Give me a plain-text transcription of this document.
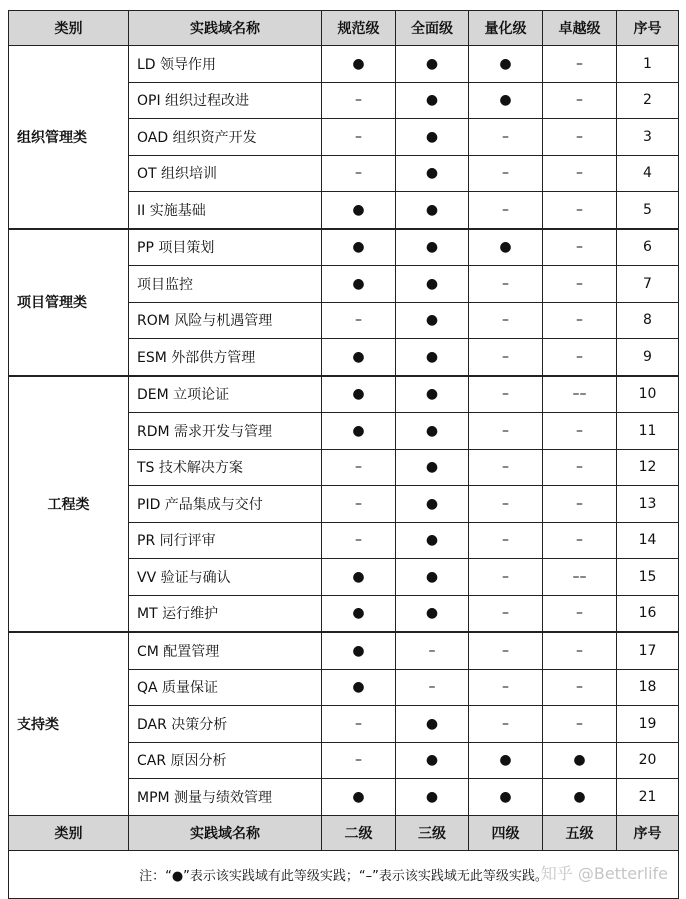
类别	实践域名称	规范级	全面级	量化级	卓越级	序号
组织管理类	LD 领导作用	●	●	●	–	1
	OPI 组织过程改进	–	●	●	–	2
	OAD 组织资产开发	–	●	–	–	3
	OT 组织培训	–	●	–	–	4
	II 实施基础	●	●	–	–	5
项目管理类	PP 项目策划	●	●	●	–	6
	项目监控	●	●	–	–	7
	ROM 风险与机遇管理	–	●	–	–	8
	ESM 外部供方管理	●	●	–	–	9
工程类	DEM 立项论证	●	●	–	––	10
	RDM 需求开发与管理	●	●	–	–	11
	TS 技术解决方案	–	●	–	–	12
	PID 产品集成与交付	–	●	–	–	13
	PR 同行评审	–	●	–	–	14
	VV 验证与确认	●	●	–	––	15
	MT 运行维护	●	●	–	–	16
支持类	CM 配置管理	●	–	–	–	17
	QA 质量保证	●	–	–	–	18
	DAR 决策分析	–	●	–	–	19
	CAR 原因分析	–	●	●	●	20
	MPM 测量与绩效管理	●	●	●	●	21
类别	实践域名称	二级	三级	四级	五级	序号
注：“●”表示该实践域有此等级实践；“–”表示该实践域无此等级实践。
知乎 @Betterlife						
